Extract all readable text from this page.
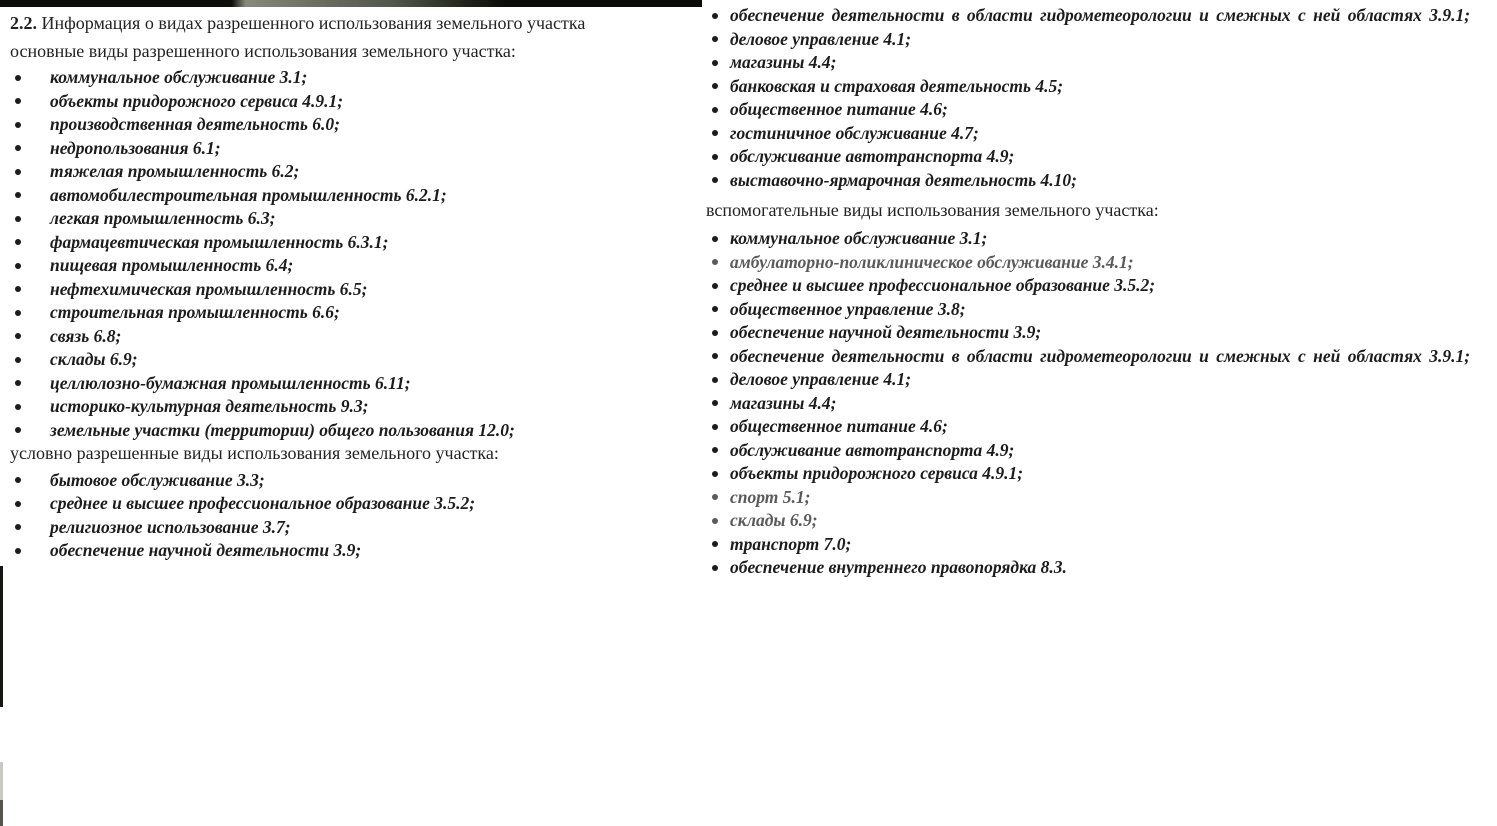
2.2. Информация о видах разрешенного использования земельного участка

основные виды разрешенного использования земельного участка:

коммунальное обслуживание 3.1;
объекты придорожного сервиса 4.9.1;
производственная деятельность 6.0;
недропользования 6.1;
тяжелая промышленность 6.2;
автомобилестроительная промышленность 6.2.1;
легкая промышленность 6.3;
фармацевтическая промышленность 6.3.1;
пищевая промышленность 6.4;
нефтехимическая промышленность 6.5;
строительная промышленность 6.6;
связь 6.8;
склады 6.9;
целлюлозно-бумажная промышленность 6.11;
историко-культурная деятельность 9.3;
земельные участки (территории) общего пользования 12.0;

условно разрешенные виды использования земельного участка:

бытовое обслуживание 3.3;
среднее и высшее профессиональное образование 3.5.2;
религиозное использование 3.7;
обеспечение научной деятельности 3.9;
обеспечение деятельности в области гидрометеорологии и смежных с ней областях 3.9.1;
деловое управление 4.1;
магазины 4.4;
банковская и страховая деятельность 4.5;
общественное питание 4.6;
гостиничное обслуживание 4.7;
обслуживание автотранспорта 4.9;
выставочно-ярмарочная деятельность 4.10;

вспомогательные виды использования земельного участка:

коммунальное обслуживание 3.1;
амбулаторно-поликлиническое обслуживание 3.4.1;
среднее и высшее профессиональное образование 3.5.2;
общественное управление 3.8;
обеспечение научной деятельности 3.9;
обеспечение деятельности в области гидрометеорологии и смежных с ней областях 3.9.1;
деловое управление 4.1;
магазины 4.4;
общественное питание 4.6;
обслуживание автотранспорта 4.9;
объекты придорожного сервиса 4.9.1;
спорт 5.1;
склады 6.9;
транспорт 7.0;
обеспечение внутреннего правопорядка 8.3.
